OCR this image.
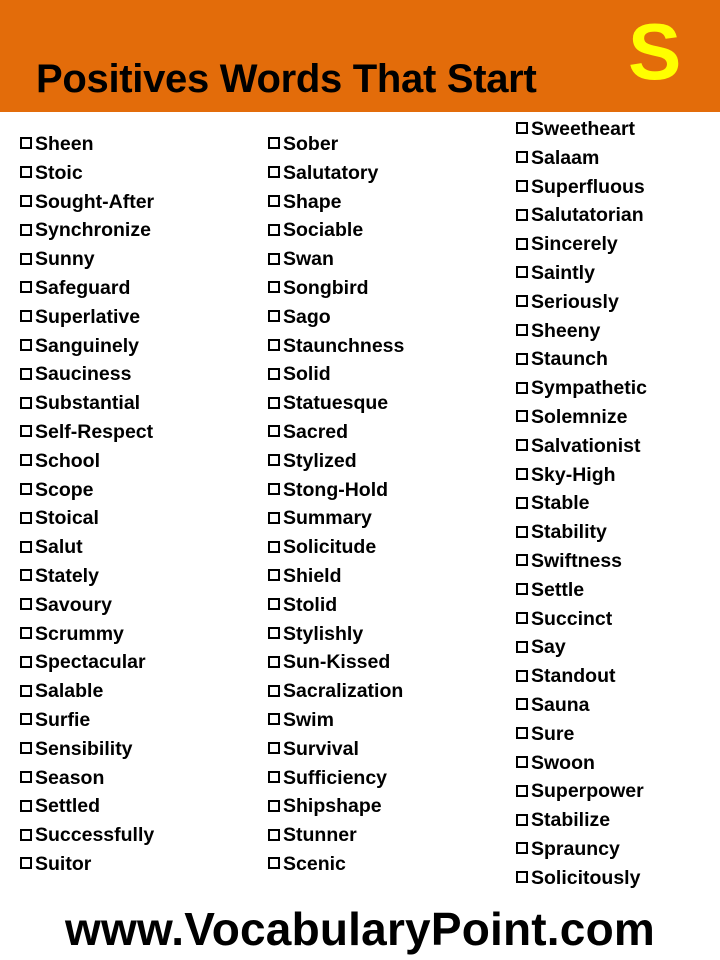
Positives Words That Start S
Sheen
Stoic
Sought-After
Synchronize
Sunny
Safeguard
Superlative
Sanguinely
Sauciness
Substantial
Self-Respect
School
Scope
Stoical
Salut
Stately
Savoury
Scrummy
Spectacular
Salable
Surfie
Sensibility
Season
Settled
Successfully
Suitor
Sober
Salutatory
Shape
Sociable
Swan
Songbird
Sago
Staunchness
Solid
Statuesque
Sacred
Stylized
Stong-Hold
Summary
Solicitude
Shield
Stolid
Stylishly
Sun-Kissed
Sacralization
Swim
Survival
Sufficiency
Shipshape
Stunner
Scenic
Sweetheart
Salaam
Superfluous
Salutatorian
Sincerely
Saintly
Seriously
Sheeny
Staunch
Sympathetic
Solemnize
Salvationist
Sky-High
Stable
Stability
Swiftness
Settle
Succinct
Say
Standout
Sauna
Sure
Swoon
Superpower
Stabilize
Sprauncy
Solicitously
www.VocabularyPoint.com
